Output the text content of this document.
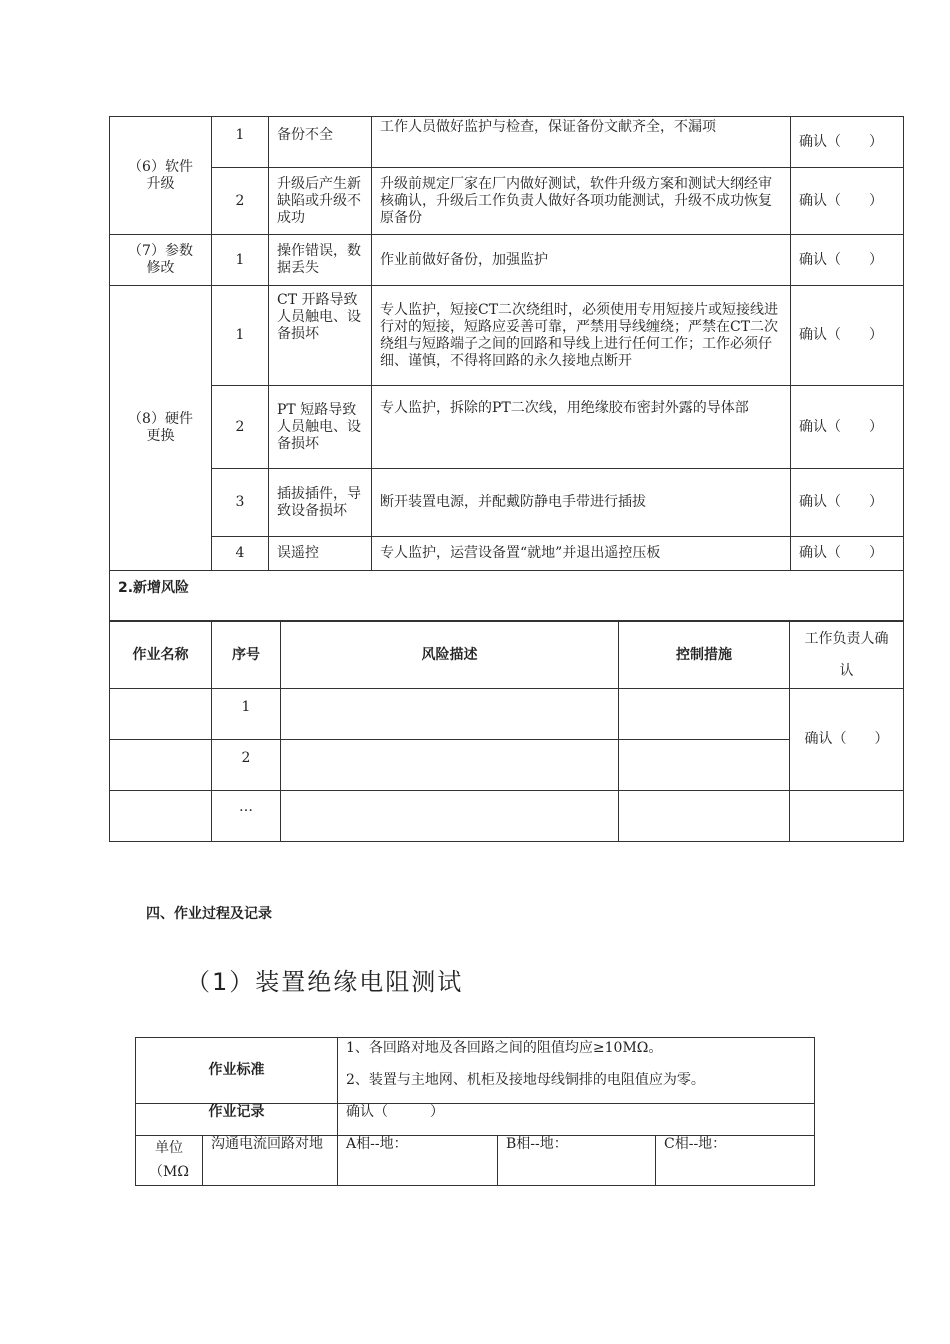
（6）软件升级	1	备份不全	工作人员做好监护与检查，保证备份文献齐全，不漏项	确认（　　）
	2	升级后产生新缺陷或升级不成功	升级前规定厂家在厂内做好测试，软件升级方案和测试大纲经审核确认，升级后工作负责人做好各项功能测试，升级不成功恢复原备份	确认（　　）
（7）参数修改	1	操作错误，数据丢失	作业前做好备份，加强监护	确认（　　）
（8）硬件更换	1	CT 开路导致人员触电、设备损坏	专人监护，短接CT二次绕组时，必须使用专用短接片或短接线进行对的短接，短路应妥善可靠，严禁用导线缠绕；严禁在CT二次绕组与短路端子之间的回路和导线上进行任何工作；工作必须仔细、谨慎，不得将回路的永久接地点断开	确认（　　）
	2	PT 短路导致人员触电、设备损坏	专人监护，拆除的PT二次线，用绝缘胶布密封外露的导体部	确认（　　）
	3	插拔插件，导致设备损坏	断开装置电源，并配戴防静电手带进行插拔	确认（　　）
	4	误遥控	专人监护，运营设备置“就地”并退出遥控压板	确认（　　）
2.新增风险				
作业名称	序号	风险描述	控制措施	工作负责人确认
	1			确认（　　）
	2			
	…			
四、作业过程及记录
（1）装置绝缘电阻测试
作业标准		1、各回路对地及各回路之间的阻值均应≥10MΩ。
2、装置与主地网、机柜及接地母线铜排的电阻值应为零。		

作业记录		确认（　　　）		
单位（MΩ	沟通电流回路对地	A相--地：	B相--地：	C相--地：
